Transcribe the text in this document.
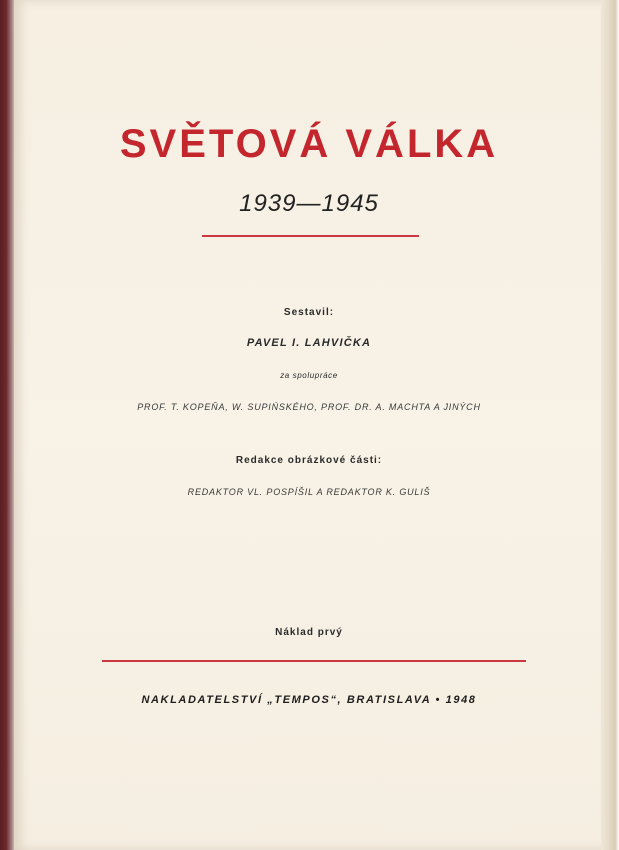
SVĚTOVÁ VÁLKA
1939—1945
Sestavil:
PAVEL I. LAHVIČKA
za spolupráce
PROF. T. KOPEŇA, W. SUPIŃSKÉHO, PROF. DR. A. MACHTA A JINÝCH
Redakce obrázkové části:
REDAKTOR VL. POSPÍŠIL A REDAKTOR K. GULIŠ
Náklad prvý
NAKLADATELSTVÍ „TEMPOS“, BRATISLAVA • 1948
